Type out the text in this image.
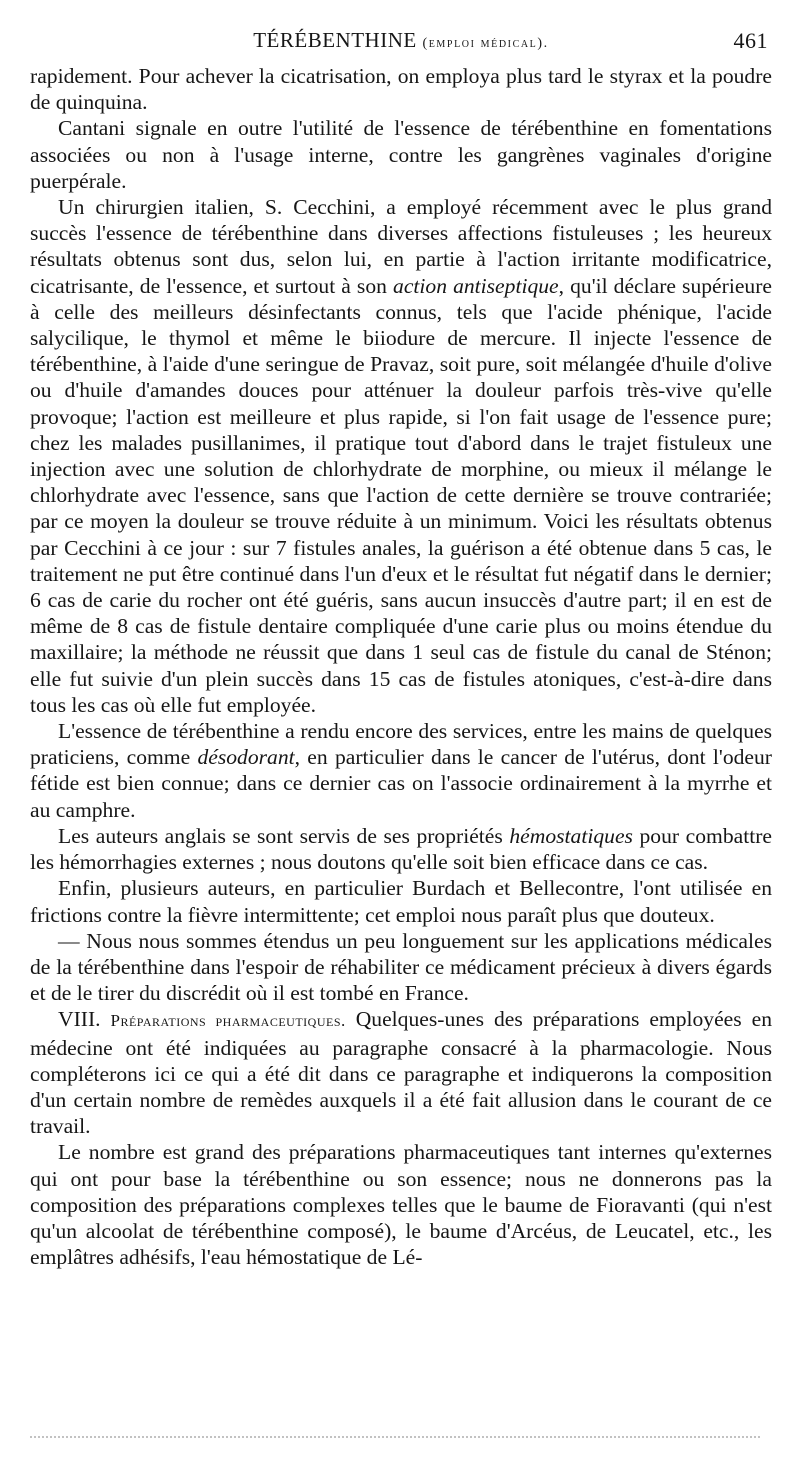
TÉRÉBENTHINE (emploi médical).	461

rapidement. Pour achever la cicatrisation, on employa plus tard le styrax et la poudre de quinquina.

Cantani signale en outre l'utilité de l'essence de térébenthine en fomentations associées ou non à l'usage interne, contre les gangrènes vaginales d'origine puerpérale.

Un chirurgien italien, S. Cecchini, a employé récemment avec le plus grand succès l'essence de térébenthine dans diverses affections fistuleuses ; les heureux résultats obtenus sont dus, selon lui, en partie à l'action irritante modificatrice, cicatrisante, de l'essence, et surtout à son action antiseptique, qu'il déclare supérieure à celle des meilleurs désinfectants connus, tels que l'acide phénique, l'acide salycilique, le thymol et même le biiodure de mercure. Il injecte l'essence de térébenthine, à l'aide d'une seringue de Pravaz, soit pure, soit mélangée d'huile d'olive ou d'huile d'amandes douces pour atténuer la douleur parfois très-vive qu'elle provoque; l'action est meilleure et plus rapide, si l'on fait usage de l'essence pure; chez les malades pusillanimes, il pratique tout d'abord dans le trajet fistuleux une injection avec une solution de chlorhydrate de morphine, ou mieux il mélange le chlorhydrate avec l'essence, sans que l'action de cette dernière se trouve contrariée; par ce moyen la douleur se trouve réduite à un minimum. Voici les résultats obtenus par Cecchini à ce jour : sur 7 fistules anales, la guérison a été obtenue dans 5 cas, le traitement ne put être continué dans l'un d'eux et le résultat fut négatif dans le dernier; 6 cas de carie du rocher ont été guéris, sans aucun insuccès d'autre part; il en est de même de 8 cas de fistule dentaire compliquée d'une carie plus ou moins étendue du maxillaire; la méthode ne réussit que dans 1 seul cas de fistule du canal de Sténon; elle fut suivie d'un plein succès dans 15 cas de fistules atoniques, c'est-à-dire dans tous les cas où elle fut employée.

L'essence de térébenthine a rendu encore des services, entre les mains de quelques praticiens, comme désodorant, en particulier dans le cancer de l'utérus, dont l'odeur fétide est bien connue; dans ce dernier cas on l'associe ordinairement à la myrrhe et au camphre.

Les auteurs anglais se sont servis de ses propriétés hémostatiques pour combattre les hémorrhagies externes ; nous doutons qu'elle soit bien efficace dans ce cas.

Enfin, plusieurs auteurs, en particulier Burdach et Bellecontre, l'ont utilisée en frictions contre la fièvre intermittente; cet emploi nous paraît plus que douteux.

— Nous nous sommes étendus un peu longuement sur les applications médicales de la térébenthine dans l'espoir de réhabiliter ce médicament précieux à divers égards et de le tirer du discrédit où il est tombé en France.

VIII. Préparations pharmaceutiques. Quelques-unes des préparations employées en médecine ont été indiquées au paragraphe consacré à la pharmacologie. Nous compléterons ici ce qui a été dit dans ce paragraphe et indiquerons la composition d'un certain nombre de remèdes auxquels il a été fait allusion dans le courant de ce travail.

Le nombre est grand des préparations pharmaceutiques tant internes qu'externes qui ont pour base la térébenthine ou son essence; nous ne donnerons pas la composition des préparations complexes telles que le baume de Fioravanti (qui n'est qu'un alcoolat de térébenthine composé), le baume d'Arcéus, de Leucatel, etc., les emplâtres adhésifs, l'eau hémostatique de Lé-
